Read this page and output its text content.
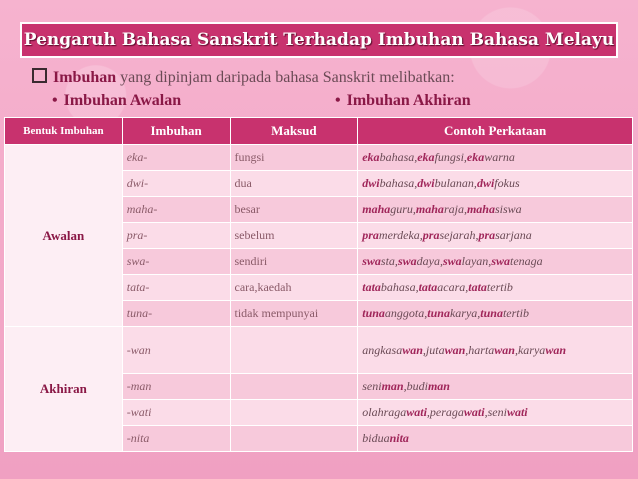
Pengaruh Bahasa Sanskrit Terhadap Imbuhan Bahasa Melayu
Imbuhan yang dipinjam daripada bahasa Sanskrit melibatkan:
• Imbuhan Awalan	• Imbuhan Akhiran
Bentuk Imbuhan	Imbuhan	Maksud	Contoh Perkataan
Awalan	eka-	fungsi	ekabahasa,ekafungsi,ekawarna
	dwi-	dua	dwibahasa,dwibulanan,dwifokus
	maha-	besar	mahaguru,maharaja,mahasiswa
	pra-	sebelum	pramerdeka,prasejarah,prasarjana
	swa-	sendiri	swasta,swadaya,swalayan,swatenaga
	tata-	cara,kaedah	tatabahasa,tataacara,tatatertib
	tuna-	tidak mempunyai	tunaanggota,tunakarya,tunatertib
Akhiran	-wan		angkasawan,jutawan,hartawan,karyawan
	-man		seniman,budiman
	-wati		olahragawati,peragawati,seniwati
	-nita		biduanita
